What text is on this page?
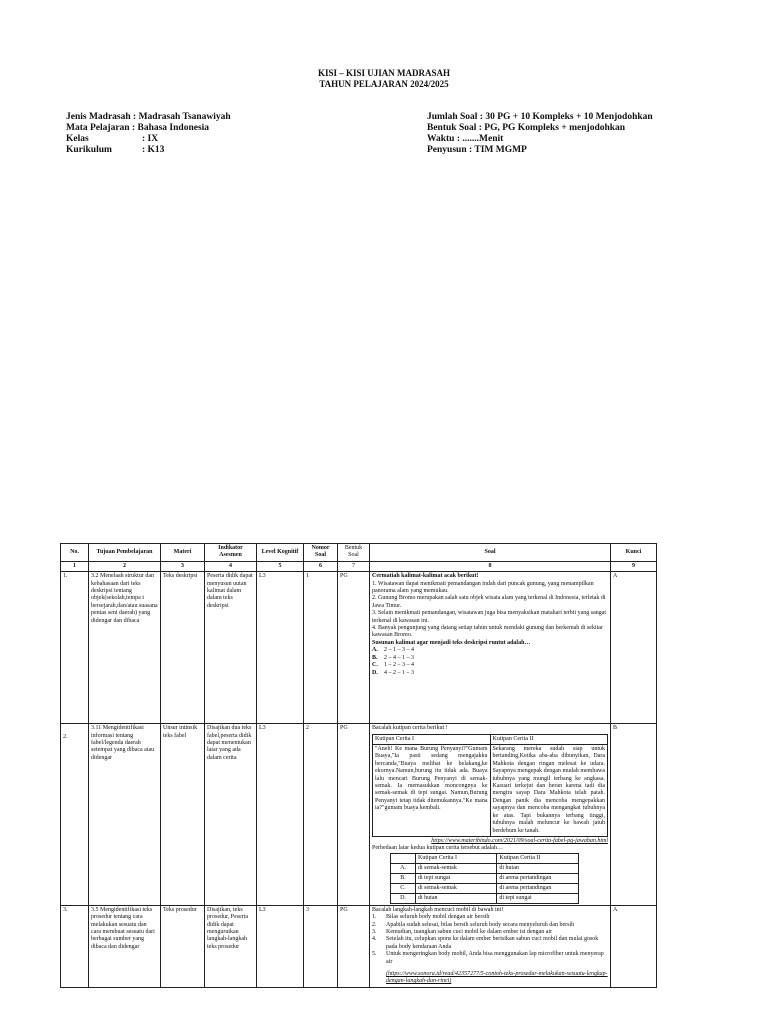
KISI – KISI UJIAN MADRASAH
TAHUN PELAJARAN 2024/2025
Jenis Madrasah : Madrasah Tsanawiyah
Mata Pelajaran : Bahasa Indonesia
Kelas	: IX
Kurikulum	: K13
Jumlah Soal : 30 PG + 10 Kompleks + 10 Menjodohkan
Bentuk Soal : PG, PG Kompleks + menjodohkan
Waktu : .......Menit
Penyusun : TIM MGMP
No.	Tujuan Pembelajaran	Materi	Indikator Asesmen	Level Kognitif	Nomor Soal	Bentuk Soal	Soal	Kunci
1	2	3	4	5	6	7	8	9
1.	3.2 Menelaah struktur dan kebahasaan dari teks deskripsi tentang objek(sekolah,tempa t bersejarah,dan/atau suasana pentas seni daerah) yang didengar dan dibaca	Teks deskripsi	Peserta didik dapat menyusun uutan kalimat dalam dalam teks deskripsi	L3	1	PG	Cermatiah kalimat-kalimat acak berikut!
1. Wisatawan dapat menikmati pemandangan indah dari puncak gunung, yang menampilkan panorama alam yang memukau.
2. Gunung Bromo merupakan salah satu objek wisata alam yang terkenal di Indonesia, terletak di Jawa Timur.
3. Selain menikmati pemandangan, wisatawan juga bisa menyaksikan matahari terbit yang sangat terkenal di kawasan ini.
4. Banyak pengunjung yang datang setiap tahun untuk mendaki gunung dan berkemah di sekitar kawasan Bromo.
Susunan kalimat agar menjadi teks deskripsi runtut adalah…
A.	2 – 1 – 3 – 4
B.	2 – 4 – 1 – 3
C.	1 – 2 – 3 – 4
D.	4 – 2 – 1 – 3
	A

2.	3.11 Mengidentifikasi informasi tentang fabel/legenda daerah setempat yang dibaca atau didengar	Unsur intinsik teks fabel	Disajikan dua teks fabel,peserta didik dapat menentukan latar yang ada dalam cerita	L3	2	PG	Bacalah kutipan cerita berikut !
Kutipan Cerita I	Kutipan Cerita II
"Aneh! Ke mana Burung Penyanyi?"Gumam Buaya,"Ia pasti sedang mengajakku bercanda,"Buaya melihat ke belakang,ke ekornya.Namun,burung itu tidak ada. Buaya lalu mencari Burung Penyanyi di semak-semak. Ia memasukkan moncongnya ke semak-semak di tepi sungai. Namun,Burung Penyanyi tetap tidak ditemukannya."Ke mana ia?"gumam buaya kembali.	Sekarang mereka sudah siap untuk bertanding,Ketika aba-aba dibunyikan, Dara Mahkota dengan ringan melesat ke udara. Sayapnya mengepak dengan mudah membawa tubuhnya yang mungil terbang ke angkasa. Kasuari terkejut dan heran karena tadi dia mengira sayap Dara Mahkota telah patah. Dengan panik dia mencoba mengepakkan sayapnya dan mencoba mengangkat tubuhnya ke atas. Tapi bukannya terbang tinggi, tubuhnya malah meluncur ke bawah jatuh berdebum ke tanah.
https://www.materibindo.com/2021/09/soal-cerita-fabel-pg-jawaban.html
Perbedaan latar kedua kutipan cerita tersebut adalah…
	Kutipan Cerita I	Kutipan Cerita II
A.	di semak-semak	di hutan
B.	di tepi sungai	di arena pertandingan
C.	di semak-semak	di arena pertandingan
D.	di hutan	di tepi sungai
	B
3.	3.5 Mengidentifikasi teks prosedur tentang cara melakukan sesuatu dan cara membuat sesuatu dari berbagai sumber yang dibaca dan didengar	Teks prosedur	Disajikan, teks prosedur, Peserta didik dapat mengurutkan langkah-langkah teks prosedur	L3	3	PG	Bacalah langkah-langkah mencuci mobil di bawah ini!
1.	Bilas seluruh body mobil dengan air bersih
2.	Apabila sudah selesai, bilas bersih seluruh body secara menyeluruh dan bersih
3.	Kemudian, tuangkan sabun cuci mobil ke dalam ember isi dengan air
4.	Setelah itu, celupkan spons ke dalam ember berisikan sabun cuci mobil dan mulai gosok pada body kendaraan Anda
5.	Untuk mengeringkan body mobil, Anda bisa menggunakan lap microfiber untuk menyerap air
(https://www.sonora.id/read/42357277/5-contoh-teks-prosedur-melakukan-sesuatu-lengkap-dengan-langkah-dan-rinci)
	A
